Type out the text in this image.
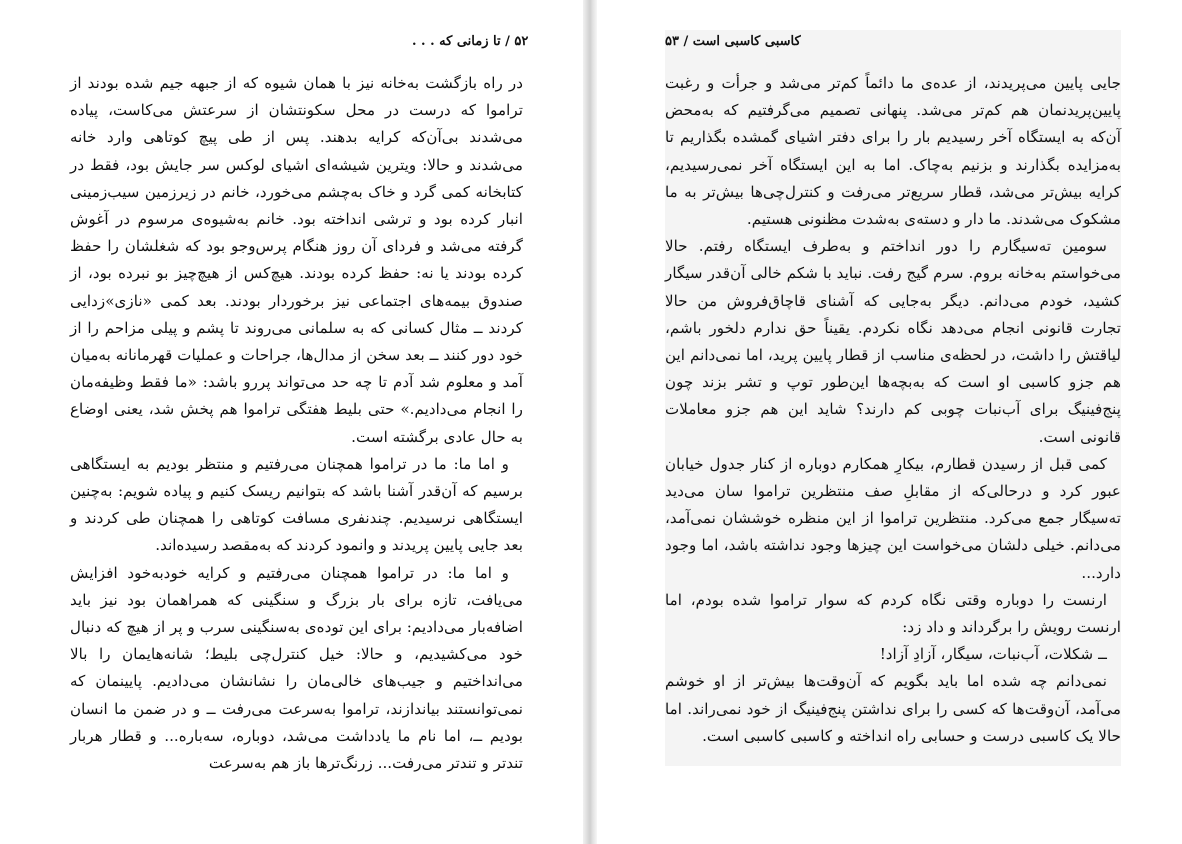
۵۲ / تا زمانی که . . .

در راه بازگشت به‌خانه نیز با همان شیوه که از جبهه جیم شده بودند از تراموا که درست در محل سکونتشان از سرعتش می‌کاست، پیاده می‌شدند بی‌آن‌که کرایه بدهند. پس از طی پیچ کوتاهی وارد خانه می‌شدند و حالا: ویترین شیشه‌ای اشیای لوکس سر جایش بود، فقط در کتابخانه کمی گرد و خاک به‌چشم می‌خورد، خانم در زیرزمین سیب‌زمینی انبار کرده بود و ترشی انداخته بود. خانم به‌شیوه‌ی مرسوم در آغوش گرفته می‌شد و فردای آن روز هنگام پرس‌وجو بود که شغلشان را حفظ کرده بودند یا نه: حفظ کرده بودند. هیچ‌کس از هیچ‌چیز بو نبرده بود، از صندوق بیمه‌های اجتماعی نیز برخوردار بودند. بعد کمی «نازی»زدایی کردند ــ مثال کسانی که به سلمانی می‌روند تا پشم و پیلی مزاحم را از خود دور کنند ــ بعد سخن از مدال‌ها، جراحات و عملیات قهرمانانه به‌میان آمد و معلوم شد آدم تا چه حد می‌تواند پررو باشد: «ما فقط وظیفه‌مان را انجام می‌دادیم.» حتی بلیط هفتگی تراموا هم پخش شد، یعنی اوضاع به حال عادی برگشته است.

و اما ما: ما در تراموا همچنان می‌رفتیم و منتظر بودیم به ایستگاهی برسیم که آن‌قدر آشنا باشد که بتوانیم ریسک کنیم و پیاده شویم: به‌چنین ایستگاهی نرسیدیم. چندنفری مسافت کوتاهی را همچنان طی کردند و بعد جایی پایین پریدند و وانمود کردند که به‌مقصد رسیده‌اند.

و اما ما: در تراموا همچنان می‌رفتیم و کرایه خودبه‌خود افزایش می‌یافت، تازه برای بار بزرگ و سنگینی که همراهمان بود نیز باید اضافه‌بار می‌دادیم: برای این توده‌ی به‌سنگینی سرب و پر از هیچ که دنبال خود می‌کشیدیم، و حالا: خیل کنترل‌چی بلیط؛ شانه‌هایمان را بالا می‌انداختیم و جیب‌های خالی‌مان را نشانشان می‌دادیم. پایینمان که نمی‌توانستند بیاندازند، تراموا به‌سرعت می‌رفت ــ و در ضمن ما انسان بودیم ــ، اما نام ما یادداشت می‌شد، دوباره، سه‌باره... و قطار هربار تندتر و تندتر می‌رفت... زرنگ‌ترها باز هم به‌سرعت

کاسبی کاسبی است / ۵۳

جایی پایین می‌پریدند، از عده‌ی ما دائماً کم‌تر می‌شد و جرأت و رغبت پایین‌پریدنمان هم کم‌تر می‌شد. پنهانی تصمیم می‌گرفتیم که به‌محض آن‌که به ایستگاه آخر رسیدیم بار را برای دفتر اشیای گمشده بگذاریم تا به‌مزایده بگذارند و بزنیم به‌چاک. اما به این ایستگاه آخر نمی‌رسیدیم، کرایه بیش‌تر می‌شد، قطار سریع‌تر می‌رفت و کنترل‌چی‌ها بیش‌تر به ما مشکوک می‌شدند. ما دار و دسته‌ی به‌شدت مظنونی هستیم.

سومین ته‌سیگارم را دور انداختم و به‌طرف ایستگاه رفتم. حالا می‌خواستم به‌خانه بروم. سرم گیج رفت. نباید با شکم خالی آن‌قدر سیگار کشید، خودم می‌دانم. دیگر به‌جایی که آشنای قاچاق‌فروش من حالا تجارت قانونی انجام می‌دهد نگاه نکردم. یقیناً حق ندارم دلخور باشم، لیاقتش را داشت، در لحظه‌ی مناسب از قطار پایین پرید، اما نمی‌دانم این هم جزو کاسبی او است که به‌بچه‌ها این‌طور توپ و تشر بزند چون پنج‌فینیگ برای آب‌نبات چوبی کم دارند؟ شاید این هم جزو معاملات قانونی است.

کمی قبل از رسیدن قطارم، بیکارِ همکارم دوباره از کنار جدول خیابان عبور کرد و درحالی‌که از مقابلِ صف منتظرین تراموا سان می‌دید ته‌سیگار جمع می‌کرد. منتظرین تراموا از این منظره خوششان نمی‌آمد، می‌دانم. خیلی دلشان می‌خواست این چیزها وجود نداشته باشد، اما وجود دارد...

ارنست را دوباره وقتی نگاه کردم که سوار تراموا شده بودم، اما ارنست رویش را برگرداند و داد زد:

ــ شکلات، آب‌نبات، سیگار، آزادِ آزاد!

نمی‌دانم چه شده اما باید بگویم که آن‌وقت‌ها بیش‌تر از او خوشم می‌آمد، آن‌وقت‌ها که کسی را برای نداشتن پنج‌فینیگ از خود نمی‌راند. اما حالا یک کاسبی درست و حسابی راه انداخته و کاسبی کاسبی است.
